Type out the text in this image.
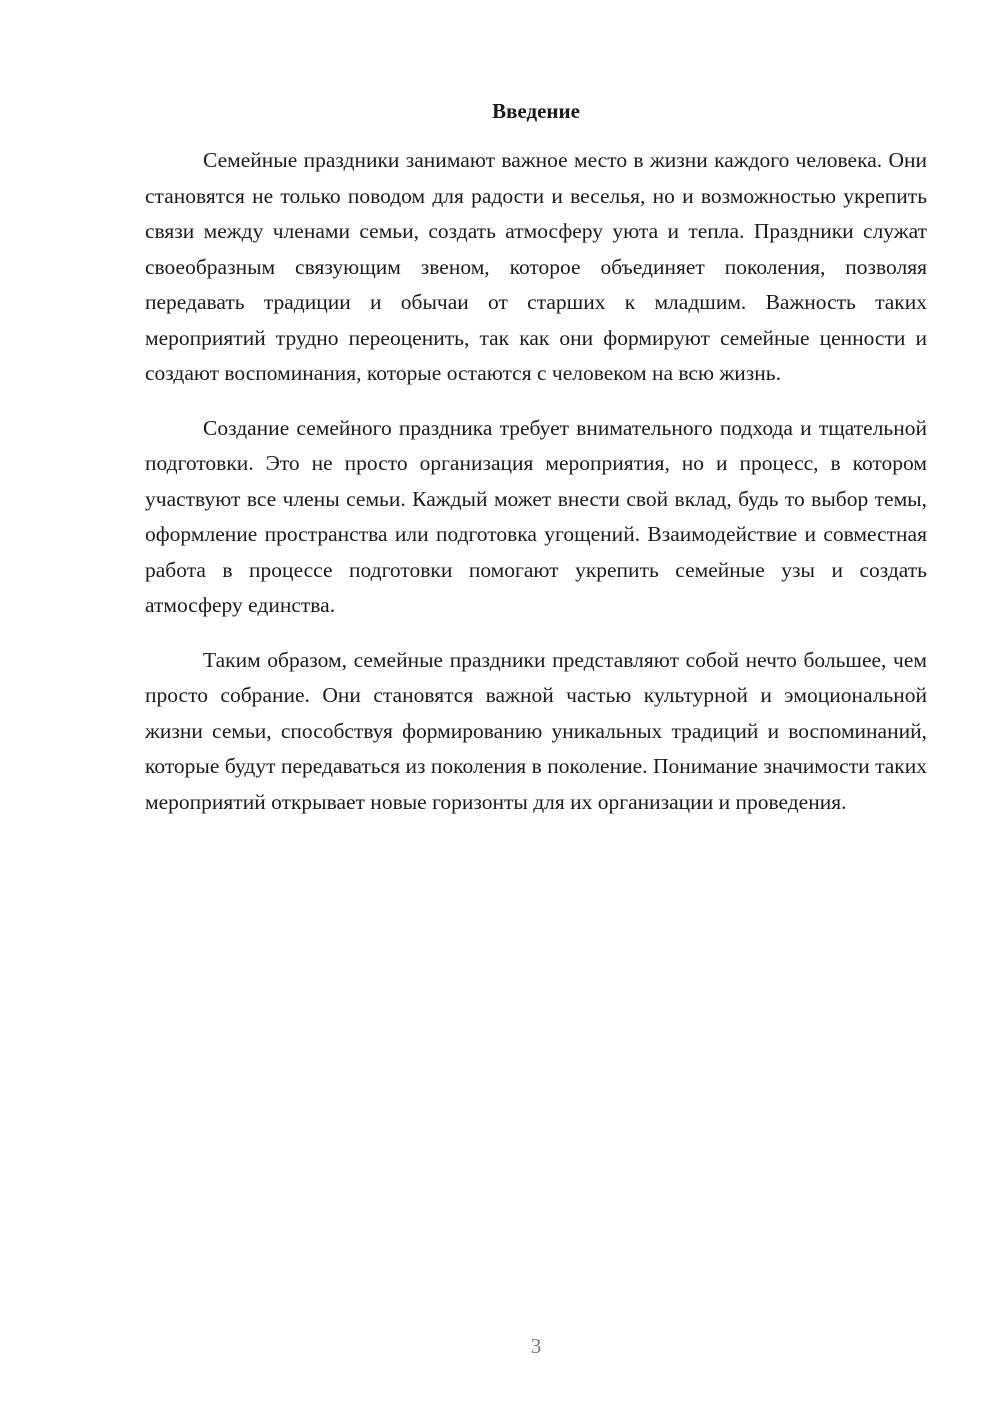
Введение

Семейные праздники занимают важное место в жизни каждого человека. Они становятся не только поводом для радости и веселья, но и возможностью укрепить связи между членами семьи, создать атмосферу уюта и тепла. Праздники служат своеобразным связующим звеном, которое объединяет поколения, позволяя передавать традиции и обычаи от старших к младшим. Важность таких мероприятий трудно переоценить, так как они формируют семейные ценности и создают воспоминания, которые остаются с человеком на всю жизнь.

Создание семейного праздника требует внимательного подхода и тщательной подготовки. Это не просто организация мероприятия, но и процесс, в котором участвуют все члены семьи. Каждый может внести свой вклад, будь то выбор темы, оформление пространства или подготовка угощений. Взаимодействие и совместная работа в процессе подготовки помогают укрепить семейные узы и создать атмосферу единства.

Таким образом, семейные праздники представляют собой нечто большее, чем просто собрание. Они становятся важной частью культурной и эмоциональной жизни семьи, способствуя формированию уникальных традиций и воспоминаний, которые будут передаваться из поколения в поколение. Понимание значимости таких мероприятий открывает новые горизонты для их организации и проведения.

3
